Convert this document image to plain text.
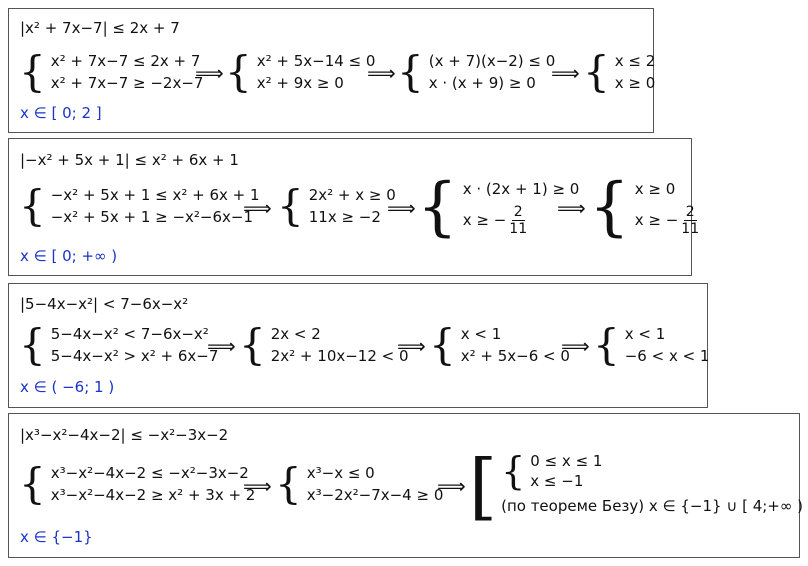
|x² + 7x−7| ≤ 2x + 7
{ x² + 7x−7 ≤ 2x + 7
x² + 7x−7 ≥ −2x−7
⟹ { x² + 5x−14 ≤ 0
x² + 9x ≥ 0	⟹ { (x + 7)(x−2) ≤ 0
x · (x + 9) ≥ 0 ⟹ { x ≤ 2
x ≥ 0
x ∈ [ 0; 2 ]
|−x² + 5x + 1| ≤ x² + 6x + 1
{ −x² + 5x + 1 ≤ x² + 6x + 1
−x² + 5x + 1 ≥ −x²−6x−1
⟹ { 2x² + x ≥ 0
11x ≥ −2 ⟹ { x · (2x + 1) ≥ 0
x ≥ − $\frac{2}{11}$ ⟹ { x ≥ 0
x ≥ − $\frac{2}{11}$
x ∈ [ 0; +∞ )
|5−4x−x²| < 7−6x−x²
{ 5−4x−x² < 7−6x−x²
5−4x−x² > x² + 6x−7
⟹ { 2x < 2
2x² + 10x−12 < 0
⟹ { x < 1
x² + 5x−6 < 0
⟹ { x < 1
−6 < x < 1
x ∈ ( −6; 1 )
|x³−x²−4x−2| ≤ −x²−3x−2
{ x³−x²−4x−2 ≤ −x²−3x−2
x³−x²−4x−2 ≥ x² + 3x + 2
⟹ { x³−x ≤ 0
x³−2x²−7x−4 ≥ 0
⟹ [ { 0 ≤ x ≤ 1
x ≤ −1
(по теореме Безу) x ∈ {−1} ∪ [ 4;+∞ )
x ∈ {−1}
